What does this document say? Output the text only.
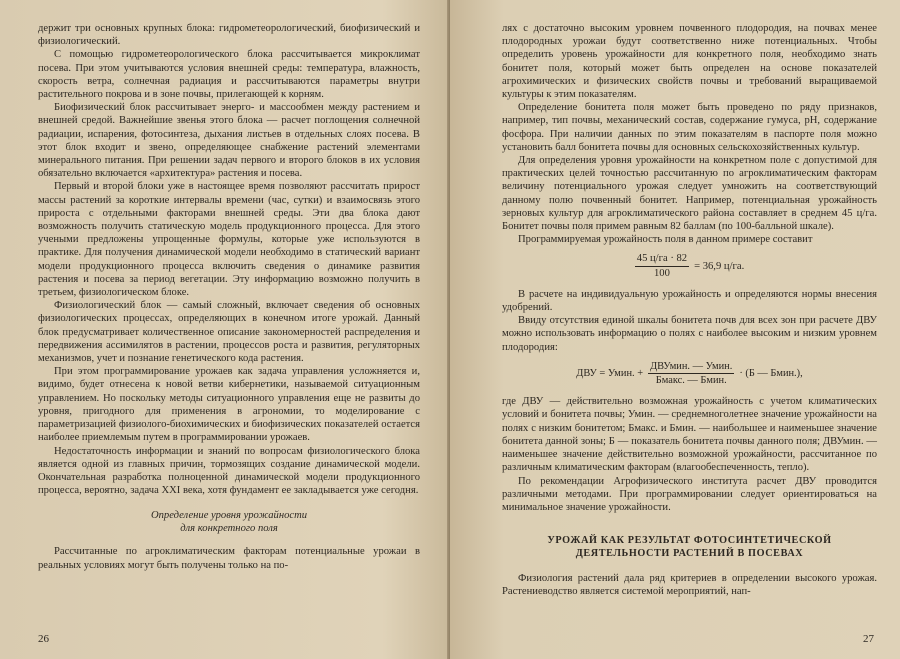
держит три основных крупных блока: гидрометеорологический, биофизический и физиологический.

С помощью гидрометеорологического блока рассчитывается микроклимат посева. При этом учитываются условия внешней среды: температура, влажность, скорость ветра, солнечная радиация и рассчитываются параметры внутри растительного покрова и в зоне почвы, прилегающей к корням.

Биофизический блок рассчитывает энерго- и массообмен между растением и внешней средой. Важнейшие звенья этого блока — расчет поглощения солнечной радиации, испарения, фотосинтеза, дыхания листьев в отдельных слоях посева. В этот блок входит и звено, определяющее снабжение растений элементами минерального питания. При решении задач первого и второго блоков в их условия обязательно включается «архитектура» растения и посева.

Первый и второй блоки уже в настоящее время позволяют рассчитать прирост массы растений за короткие интервалы времени (час, сутки) и взаимосвязь этого прироста с отдельными факторами внешней среды. Эти два блока дают возможность получить статическую модель продукционного процесса. Для этого учеными предложены упрощенные формулы, которые уже используются в практике. Для получения динамической модели необходимо в статический вариант модели продукционного процесса включить сведения о динамике развития растения и посева за период вегетации. Эту информацию возможно получить в третьем, физиологическом блоке.

Физиологический блок — самый сложный, включает сведения об основных физиологических процессах, определяющих в конечном итоге урожай. Данный блок предусматривает количественное описание закономерностей распределения и передвижения ассимилятов в растении, процессов роста и развития, регуляторных механизмов, учет и познание генетического кода растения.

При этом программирование урожаев как задача управления усложняется и, видимо, будет отнесена к новой ветви кибернетики, называемой ситуационным управлением. Но поскольку методы ситуационного управления еще не развиты до уровня, пригодного для применения в агрономии, то моделирование с параметризацией физиолого-биохимических и биофизических показателей остается наиболее приемлемым путем в программировании урожаев.

Недостаточность информации и знаний по вопросам физиологического блока является одной из главных причин, тормозящих создание динамической модели. Окончательная разработка полноценной динамической модели продукционного процесса, вероятно, задача XXI века, хотя фундамент ее закладывается уже сегодня.

Определение уровня урожайности
для конкретного поля

Рассчитанные по агроклиматическим факторам потенциальные урожаи в реальных условиях могут быть получены только на по-

26

лях с достаточно высоким уровнем почвенного плодородия, на почвах менее плодородных урожаи будут соответственно ниже потенциальных. Чтобы определить уровень урожайности для конкретного поля, необходимо знать бонитет поля, который может быть определен на основе показателей агрохимических и физических свойств почвы и требований выращиваемой культуры к этим показателям.

Определение бонитета поля может быть проведено по ряду признаков, например, тип почвы, механический состав, содержание гумуса, pH, содержание фосфора. При наличии данных по этим показателям в паспорте поля можно установить балл бонитета почвы для основных сельскохозяйственных культур.

Для определения уровня урожайности на конкретном поле с допустимой для практических целей точностью рассчитанную по агроклиматическим факторам величину потенциального урожая следует умножить на соответствующий данному полю почвенный бонитет. Например, потенциальная урожайность зерновых культур для агроклиматического района составляет в среднем 45 ц/га. Бонитет почвы поля примем равным 82 баллам (по 100-балльной шкале).

Программируемая урожайность поля в данном примере составит

$\frac{45 ц/га \cdot 82}{100} = 36,9$ ц/га.

В расчете на индивидуальную урожайность и определяются нормы внесения удобрений.

Ввиду отсутствия единой шкалы бонитета почв для всех зон при расчете ДВУ можно использовать информацию о полях с наиболее высоким и низким уровнем плодородия:

ДВУ = Умин. + $\frac{\text{ДВУмин. — Умин.}}{\text{Бмакс. — Бмин.}} \cdot (Б$ — Бмин.),

где ДВУ — действительно возможная урожайность с учетом климатических условий и бонитета почвы; Умин. — среднемноголетнее значение урожайности на полях с низким бонитетом; Бмакс. и Бмин. — наибольшее и наименьшее значение бонитета данной зоны; Б — показатель бонитета почвы данного поля; ДВУмин. — наименьшее значение действительно возможной урожайности, рассчитанное по различным климатическим факторам (влагообеспеченность, тепло).

По рекомендации Агрофизического института расчет ДВУ проводится различными методами. При программировании следует ориентироваться на минимальное значение урожайности.

УРОЖАЙ КАК РЕЗУЛЬТАТ ФОТОСИНТЕТИЧЕСКОЙ
ДЕЯТЕЛЬНОСТИ РАСТЕНИЙ В ПОСЕВАХ

Физиология растений дала ряд критериев в определении высокого урожая. Растениеводство является системой мероприятий, нап-

27
